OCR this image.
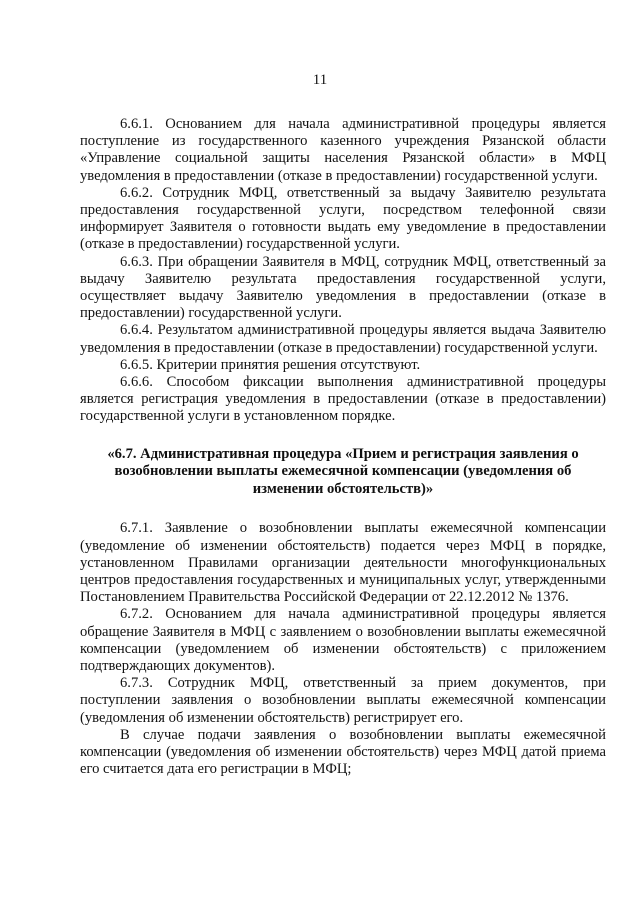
11

6.6.1. Основанием для начала административной процедуры является поступление из государственного казенного учреждения Рязанской области «Управление социальной защиты населения Рязанской области» в МФЦ уведомления в предоставлении (отказе в предоставлении) государственной услуги.

6.6.2. Сотрудник МФЦ, ответственный за выдачу Заявителю результата предоставления государственной услуги, посредством телефонной связи информирует Заявителя о готовности выдать ему уведомление в предоставлении (отказе в предоставлении) государственной услуги.

6.6.3. При обращении Заявителя в МФЦ, сотрудник МФЦ, ответственный за выдачу Заявителю результата предоставления государственной услуги, осуществляет выдачу Заявителю уведомления в предоставлении (отказе в предоставлении) государственной услуги.

6.6.4. Результатом административной процедуры является выдача Заявителю уведомления в предоставлении (отказе в предоставлении) государственной услуги.

6.6.5. Критерии принятия решения отсутствуют.

6.6.6. Способом фиксации выполнения административной процедуры является регистрация уведомления в предоставлении (отказе в предоставлении) государственной услуги в установленном порядке.

«6.7. Административная процедура «Прием и регистрация заявления о возобновлении выплаты ежемесячной компенсации (уведомления об изменении обстоятельств)»

6.7.1. Заявление о возобновлении выплаты ежемесячной компенсации (уведомление об изменении обстоятельств) подается через МФЦ в порядке, установленном Правилами организации деятельности многофункциональных центров предоставления государственных и муниципальных услуг, утвержденными Постановлением Правительства Российской Федерации от 22.12.2012 № 1376.

6.7.2. Основанием для начала административной процедуры является обращение Заявителя в МФЦ с заявлением о возобновлении выплаты ежемесячной компенсации (уведомлением об изменении обстоятельств) с приложением подтверждающих документов).

6.7.3. Сотрудник МФЦ, ответственный за прием документов, при поступлении заявления о возобновлении выплаты ежемесячной компенсации (уведомления об изменении обстоятельств) регистрирует его.

В случае подачи заявления о возобновлении выплаты ежемесячной компенсации (уведомления об изменении обстоятельств) через МФЦ датой приема его считается дата его регистрации в МФЦ;
